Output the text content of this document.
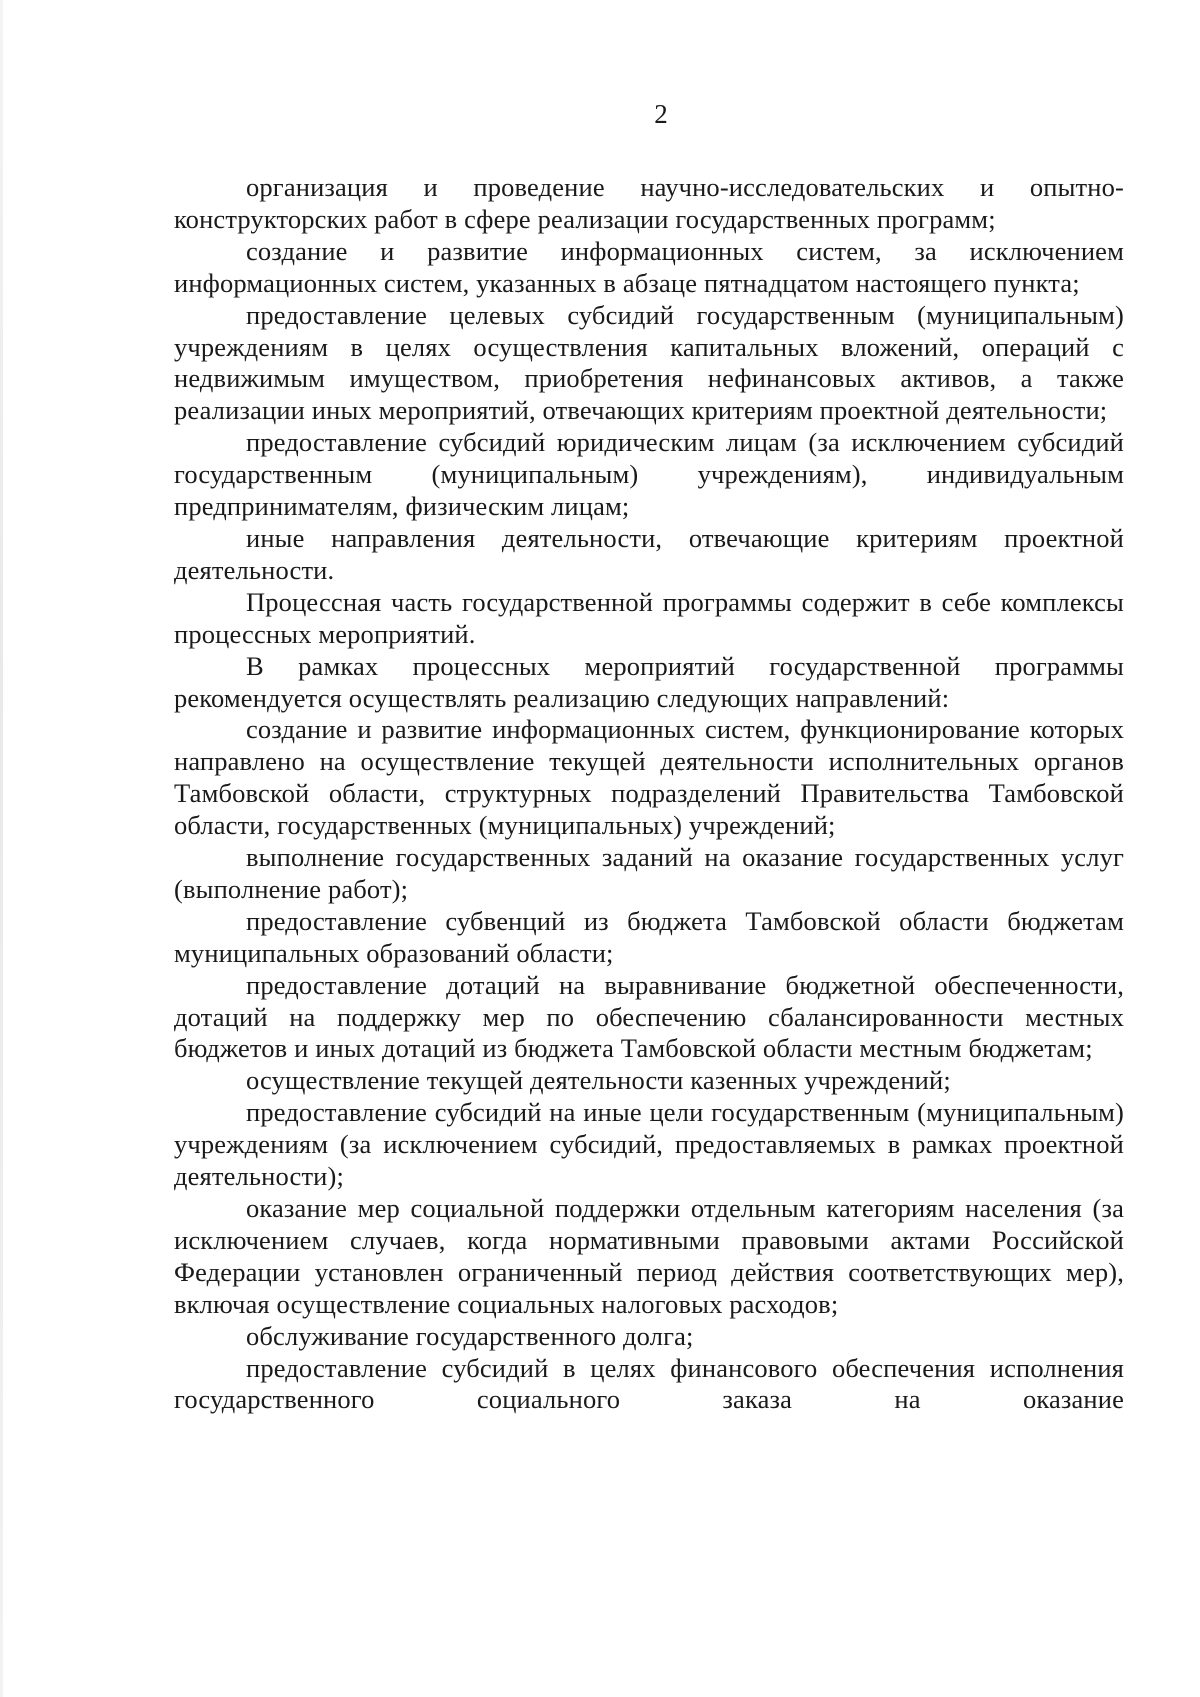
2

организация и проведение научно-исследовательских и опытно-конструкторских работ в сфере реализации государственных программ;

создание и развитие информационных систем, за исключением информационных систем, указанных в абзаце пятнадцатом настоящего пункта;

предоставление целевых субсидий государственным (муниципальным) учреждениям в целях осуществления капитальных вложений, операций с недвижимым имуществом, приобретения нефинансовых активов, а также реализации иных мероприятий, отвечающих критериям проектной деятельности;

предоставление субсидий юридическим лицам (за исключением субсидий государственным (муниципальным) учреждениям), индивидуальным предпринимателям, физическим лицам;

иные направления деятельности, отвечающие критериям проектной деятельности.

Процессная часть государственной программы содержит в себе комплексы процессных мероприятий.

В рамках процессных мероприятий государственной программы рекомендуется осуществлять реализацию следующих направлений:

создание и развитие информационных систем, функционирование которых направлено на осуществление текущей деятельности исполнительных органов Тамбовской области, структурных подразделений Правительства Тамбовской области, государственных (муниципальных) учреждений;

выполнение государственных заданий на оказание государственных услуг (выполнение работ);

предоставление субвенций из бюджета Тамбовской области бюджетам муниципальных образований области;

предоставление дотаций на выравнивание бюджетной обеспеченности, дотаций на поддержку мер по обеспечению сбалансированности местных бюджетов и иных дотаций из бюджета Тамбовской области местным бюджетам;

осуществление текущей деятельности казенных учреждений;

предоставление субсидий на иные цели государственным (муниципальным) учреждениям (за исключением субсидий, предоставляемых в рамках проектной деятельности);

оказание мер социальной поддержки отдельным категориям населения (за исключением случаев, когда нормативными правовыми актами Российской Федерации установлен ограниченный период действия соответствующих мер), включая осуществление социальных налоговых расходов;

обслуживание государственного долга;

предоставление субсидий в целях финансового обеспечения исполнения государственного социального заказа на оказание
